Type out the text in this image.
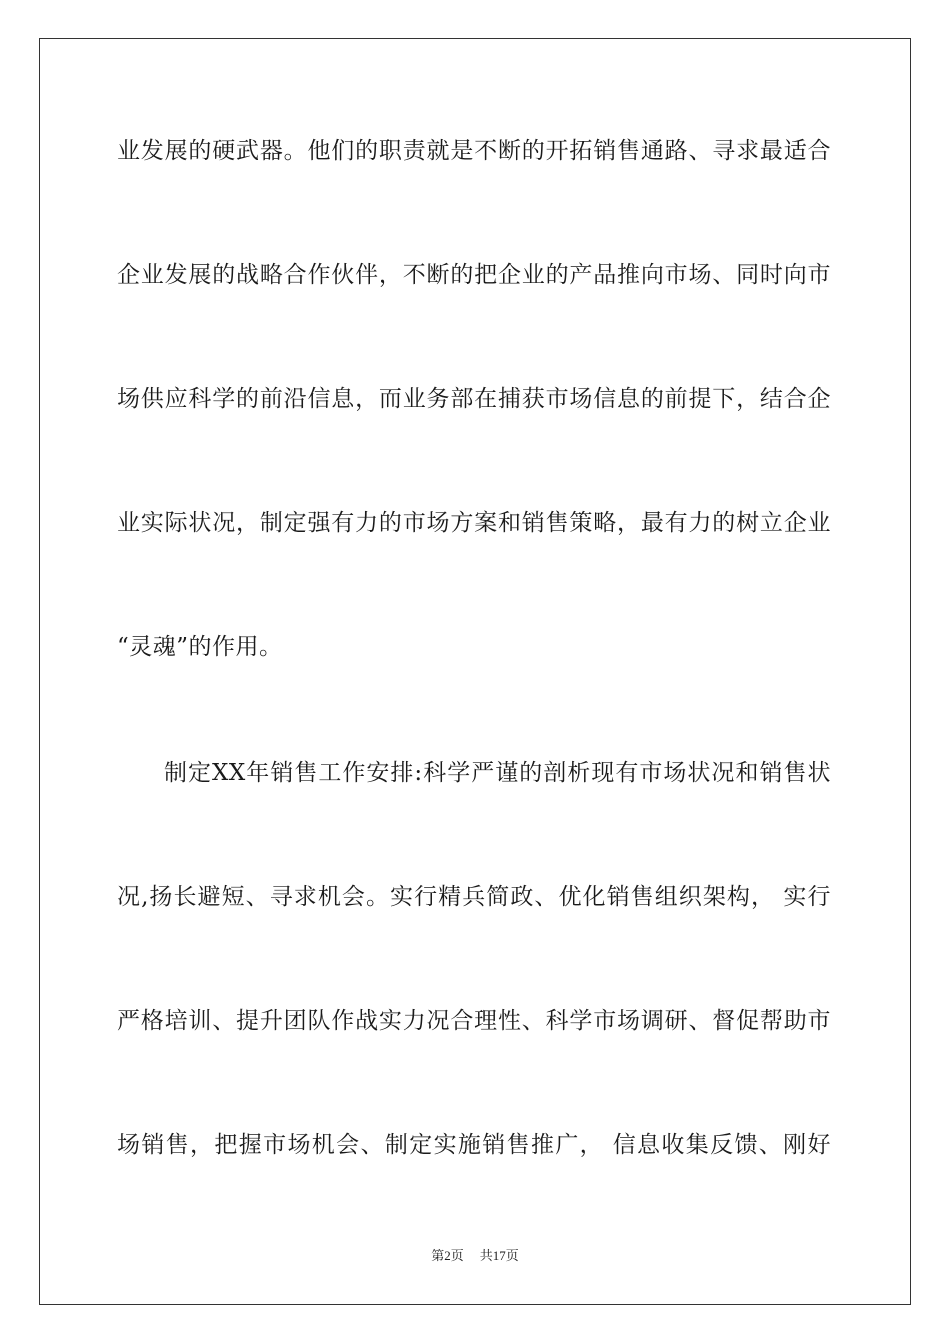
业发展的硬武器。他们的职责就是不断的开拓销售通路、寻求最适合
企业发展的战略合作伙伴，不断的把企业的产品推向市场、同时向市
场供应科学的前沿信息，而业务部在捕获市场信息的前提下，结合企
业实际状况，制定强有力的市场方案和销售策略，最有力的树立企业
“灵魂”的作用。
制定XX年销售工作安排:科学严谨的剖析现有市场状况和销售状
况,扬长避短、寻求机会。实行精兵简政、优化销售组织架构， 实行
严格培训、提升团队作战实力况合理性、科学市场调研、督促帮助市
场销售，把握市场机会、制定实施销售推广， 信息收集反馈、刚好
第2页 共17页
